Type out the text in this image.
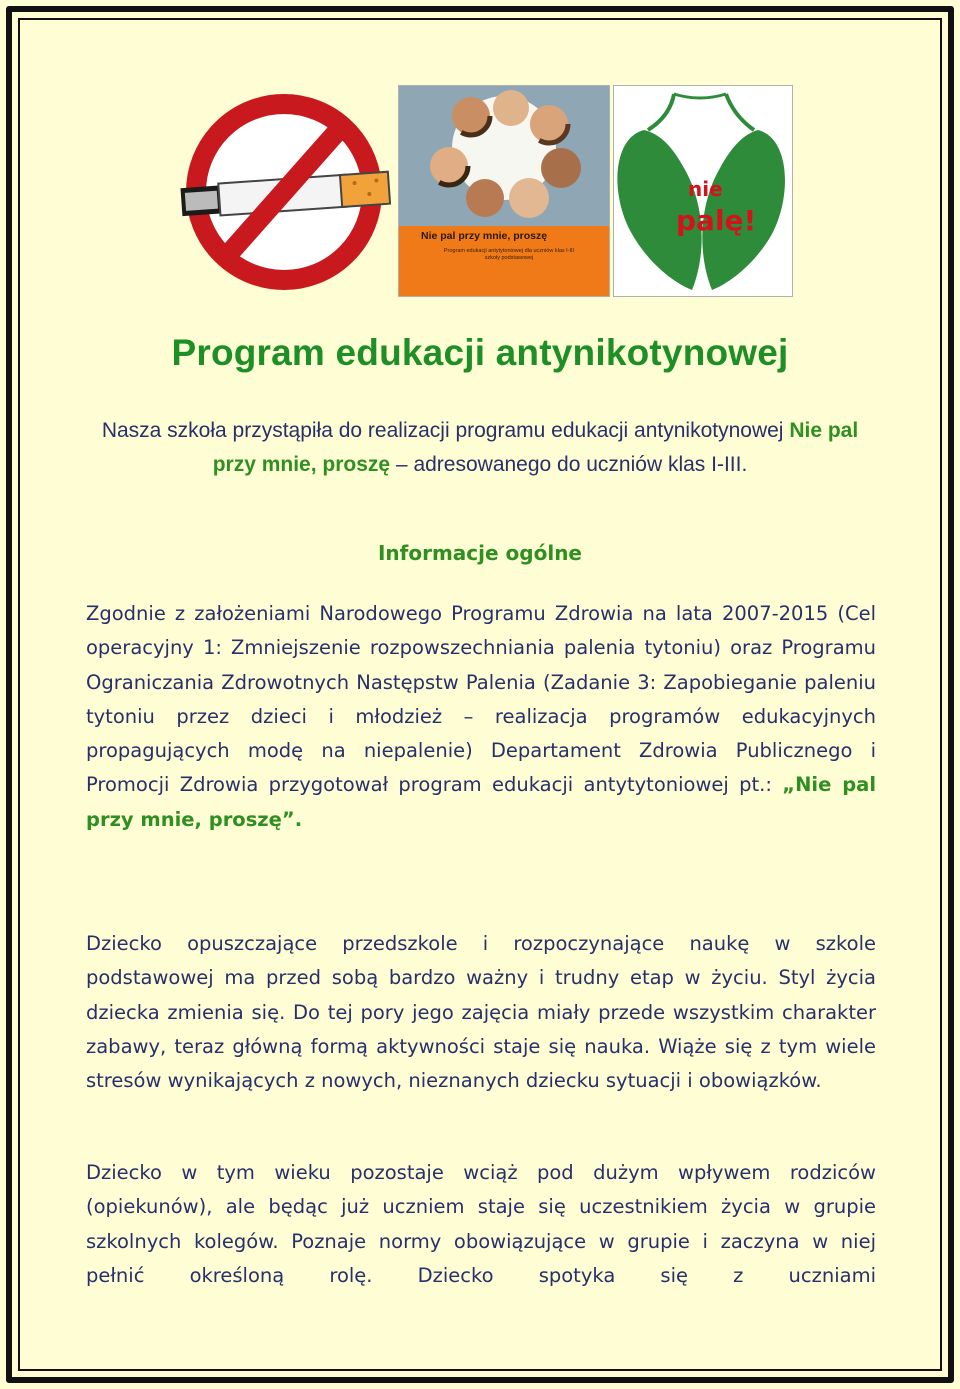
Nie pal przy mnie, proszę
Program edukacji antytytoniowej dla uczniów klas I-III szkoły podstawowej
nie
palę!
Program edukacji antynikotynowej
Nasza szkoła przystąpiła do realizacji programu edukacji antynikotynowej Nie pal przy mnie, proszę – adresowanego do uczniów klas I-III.
Informacje ogólne
Zgodnie z założeniami Narodowego Programu Zdrowia na lata 2007-2015 (Cel operacyjny 1: Zmniejszenie rozpowszechniania palenia tytoniu) oraz Programu Ograniczania Zdrowotnych Następstw Palenia (Zadanie 3: Zapobieganie paleniu tytoniu przez dzieci i młodzież – realizacja programów edukacyjnych propagujących modę na niepalenie) Departament Zdrowia Publicznego i Promocji Zdrowia przygotował program edukacji antytytoniowej pt.: „Nie pal przy mnie, proszę”.
Dziecko opuszczające przedszkole i rozpoczynające naukę w szkole podstawowej ma przed sobą bardzo ważny i trudny etap w życiu. Styl życia dziecka zmienia się. Do tej pory jego zajęcia miały przede wszystkim charakter zabawy, teraz główną formą aktywności staje się nauka. Wiąże się z tym wiele stresów wynikających z nowych, nieznanych dziecku sytuacji i obowiązków.
Dziecko w tym wieku pozostaje wciąż pod dużym wpływem rodziców (opiekunów), ale będąc już uczniem staje się uczestnikiem życia w grupie szkolnych kolegów. Poznaje normy obowiązujące w grupie i zaczyna w niej pełnić określoną rolę. Dziecko spotyka się z uczniami
